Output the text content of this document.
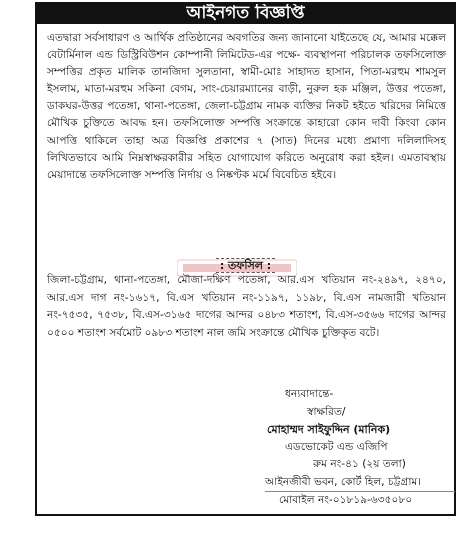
আইনগত বিজ্ঞপ্তি

এতদ্বারা সর্বসাধারণ ও আর্থিক প্রতিষ্ঠানের অবগতির জন্য জানানো যাইতেছে যে, আমার মক্কেল বেটার্মিনাল এন্ড ডিস্ট্রিবিউশন কোম্পানী লিমিটেড-এর পক্ষে- ব্যবস্থাপনা পরিচালক তফসিলোক্ত সম্পত্তির প্রকৃত মালিক তানজিদা সুলতানা, স্বামী-মোঃ সাহাদত হাসান, পিতা-মরহুম শামসুল ইসলাম, মাতা-মরহুম সকিনা বেগম, সাং-চেয়ারম্যানের বাড়ী, নুরুল হক মঞ্জিল, উত্তর পতেঙ্গা, ডাকঘর-উত্তর পতেঙ্গা, থানা-পতেঙ্গা, জেলা-চট্টগ্রাম নামক ব্যক্তির নিকট হইতে খরিদের নিমিত্তে মৌখিক চুক্তিতে আবদ্ধ হন। তফসিলোক্ত সম্পত্তি সংক্রান্তে কাহারো কোন দাবী কিংবা কোন আপত্তি থাকিলে তাহা অত্র বিজ্ঞপ্তি প্রকাশের ৭ (সাত) দিনের মধ্যে প্রমাণ্য দলিলাদিসহ লিখিতভাবে আমি নিম্নস্বাক্ষরকারীর সহিত যোগাযোগ করিতে অনুরোধ করা হইল। এমতাবস্থায় মেয়াদান্তে তফসিলোক্ত সম্পত্তি নির্দায় ও নিষ্কণ্টক মর্মে বিবেচিত হইবে।

: তফসিল :

জিলা-চট্টগ্রাম, থানা-পতেঙ্গা, মৌজা-দক্ষিণ পতেঙ্গা, আর.এস খতিয়ান নং-২৪৯৭, ২৪৭০, আর.এস দাগ নং-১৬১৭, বি.এস খতিয়ান নং-১১৯৭, ১১৯৮, বি.এস নামজারী খতিয়ান নং-৭৫৩৫, ৭৫৩৮, বি.এস-৩১৬৫ দাগের আন্দর ০৪৮৩ শতাংশ, বি.এস-৩৫৬৬ দাগের আন্দর ০৫০০ শতাংশ সর্বমোট ০৯৮৩ শতাংশ নাল জমি সংক্রান্তে মৌখিক চুক্তিকৃত বটে।

ধন্যবাদান্তে-
স্বাক্ষরিত/
মোহাম্মদ সাইফুদ্দিন (মানিক)
এডভোকেট এন্ড এজিপি
রুম নং-৪১ (২য় তলা)
আইনজীবী ভবন, কোর্ট হিল, চট্টগ্রাম।
মোবাইল নং-০১৮১৯-৬৩৫০৮০
